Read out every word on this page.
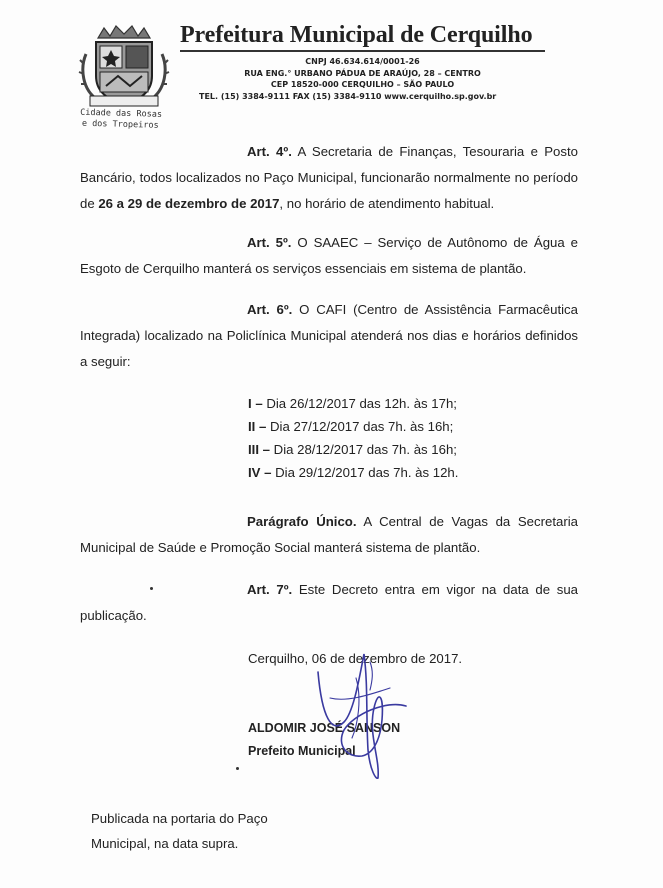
Cidade das Rosas
e dos Tropeiros
Prefeitura Municipal de Cerquilho
CNPJ 46.634.614/0001-26
RUA ENG.° URBANO PÁDUA DE ARAÚJO, 28 – CENTRO
CEP 18520-000 CERQUILHO – SÃO PAULO
TEL. (15) 3384-9111 FAX (15) 3384-9110 www.cerquilho.sp.gov.br

Art. 4º. A Secretaria de Finanças, Tesouraria e Posto Bancário, todos localizados no Paço Municipal, funcionarão normalmente no período de 26 a 29 de dezembro de 2017, no horário de atendimento habitual.

Art. 5º. O SAAEC – Serviço de Autônomo de Água e Esgoto de Cerquilho manterá os serviços essenciais em sistema de plantão.

Art. 6º. O CAFI (Centro de Assistência Farmacêutica Integrada) localizado na Policlínica Municipal atenderá nos dias e horários definidos a seguir:

I – Dia 26/12/2017 das 12h. às 17h;
II – Dia 27/12/2017 das 7h. às 16h;
III – Dia 28/12/2017 das 7h. às 16h;
IV – Dia 29/12/2017 das 7h. às 12h.

Parágrafo Único. A Central de Vagas da Secretaria Municipal de Saúde e Promoção Social manterá sistema de plantão.

Art. 7º. Este Decreto entra em vigor na data de sua publicação.

Cerquilho, 06 de dezembro de 2017.
ALDOMIR JOSÉ SANSON
Prefeito Municipal
Publicada na portaria do Paço
Municipal, na data supra.
